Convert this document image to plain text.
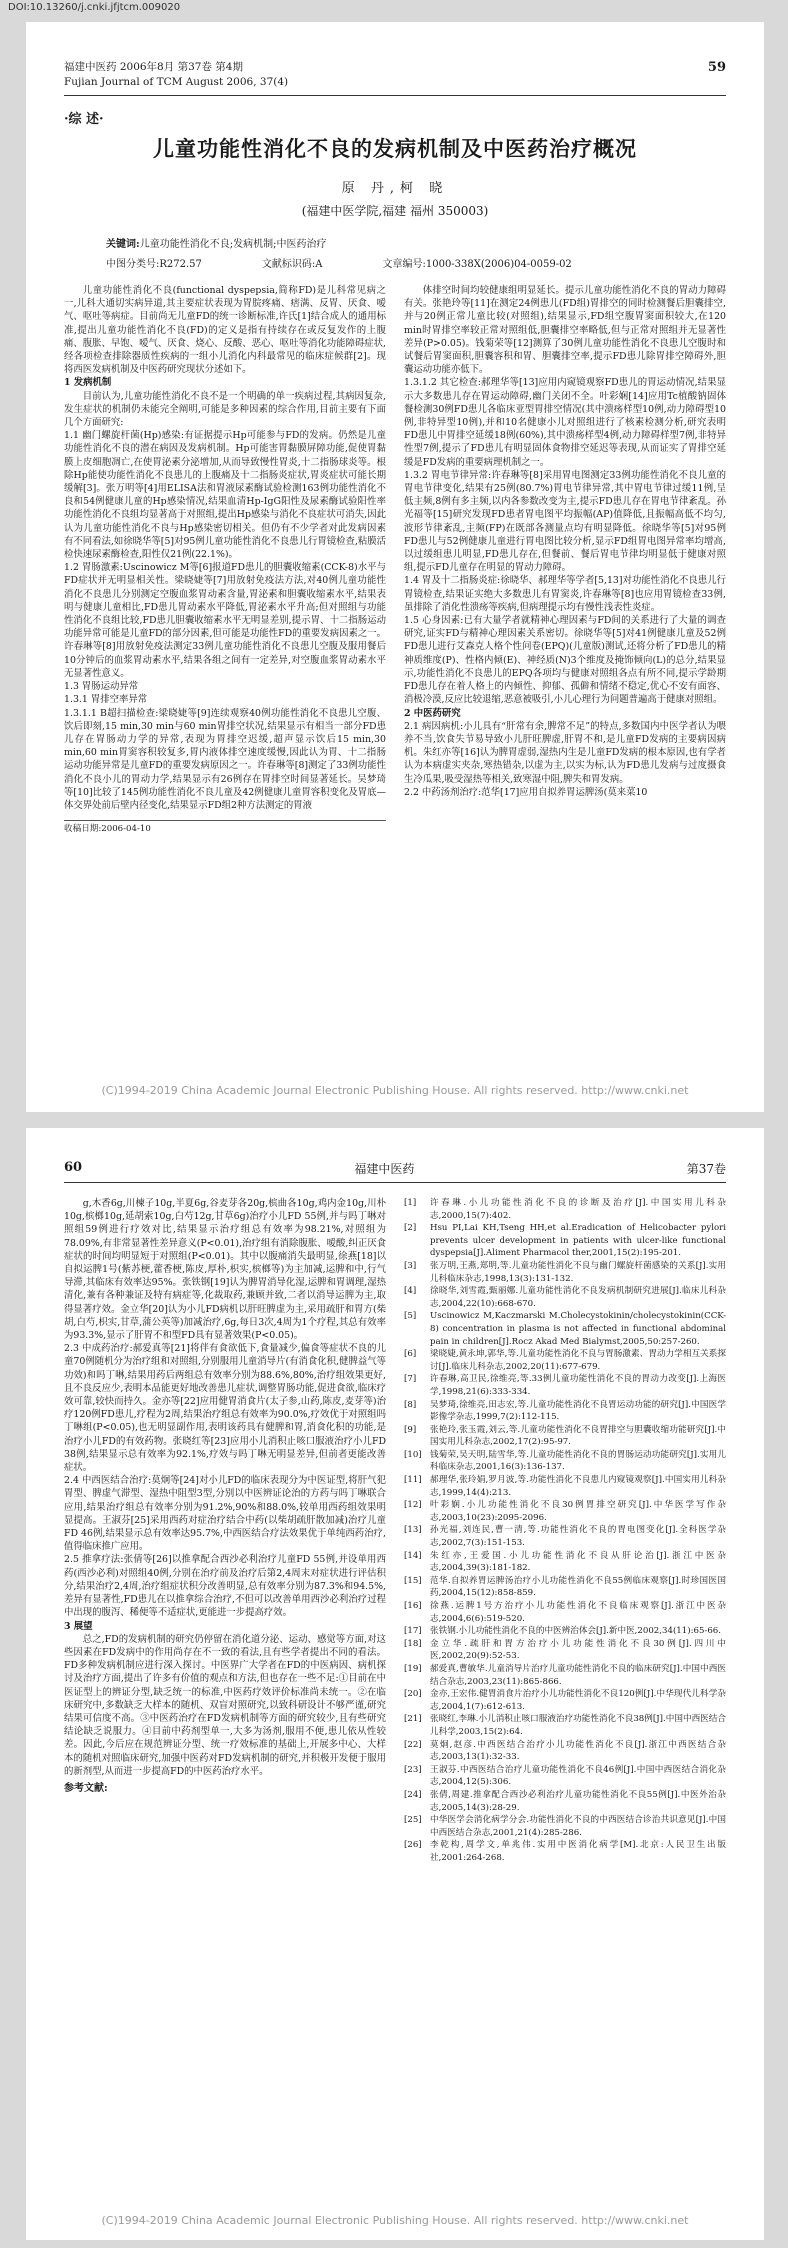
DOI:10.13260/j.cnki.jfjtcm.009020
福建中医药 2006年8月 第37卷 第4期
Fujian Journal of TCM August 2006, 37(4)
59
·综 述·
儿童功能性消化不良的发病机制及中医药治疗概况
原 丹,柯 晓
(福建中医学院,福建 福州 350003)
关键词:儿童功能性消化不良;发病机制;中医药治疗
中图分类号:R272.57	文献标识码:A	文章编号:1000-338X(2006)04-0059-02

儿童功能性消化不良(functional dyspepsia,简称FD)是儿科常见病之一,儿科大通切实病异道,其主要症状表现为胃脘疼痛、痞满、反胃、厌食、嗳气、呕吐等病症。目前尚无儿童FD的统一诊断标准,许氏[1]结合成人的通用标准,提出儿童功能性消化不良(FD)的定义是指有持续存在或反复发作的上腹痛、腹胀、早饱、嗳气、厌食、烧心、反酸、恶心、呕吐等消化功能障碍症状,经各项检查排除器质性疾病的一组小儿消化内科最常见的临床症候群[2]。现将西医发病机制及中医药研究现状分述如下。

1 发病机制

目前认为,儿童功能性消化不良不是一个明确的单一疾病过程,其病因复杂,发生症状的机制仍未能完全阐明,可能是多种因素的综合作用,目前主要有下面几个方面研究:

1.1 幽门螺旋杆菌(Hp)感染:有证据提示Hp可能参与FD的发病。仍然是儿童功能性消化不良的潜在病因及发病机制。Hp可能害胃黏膜屏障功能,促使胃黏膜上皮细胞凋亡,在使胃泌素分泌增加,从而导致慢性胃炎,十二指肠球炎等。根除Hp能使功能性消化不良患儿的上腹痛及十二指肠炎症状,胃炎症状可能长期缓解[3]。张万明等[4]用ELISA法和胃液尿素酶试验检测163例功能性消化不良和54例健康儿童的Hp感染情况,结果血清Hp-IgG阳性及尿素酶试验阳性率功能性消化不良组均显著高于对照组,提出Hp感染与消化不良症状可消失,因此认为儿童功能性消化不良与Hp感染密切相关。但仍有不少学者对此发病因素有不同看法,如徐晓华等[5]对95例儿童功能性消化不良患儿行胃镜检查,粘膜活检快速尿素酶检查,阳性仅21例(22.1%)。

1.2 胃肠激素:Uscinowicz M等[6]报道FD患儿的胆囊收缩素(CCK-8)水平与FD症状并无明显相关性。梁晓婕等[7]用放射免疫法方法,对40例儿童功能性消化不良患儿分别测定空腹血浆胃动素含量,胃泌素和胆囊收缩素水平,结果表明与健康儿童相比,FD患儿胃动素水平降低,胃泌素水平升高;但对照组与功能性消化不良组比较,FD患儿胆囊收缩素水平无明显差别,提示胃、十二指肠运动功能异常可能是儿童FD的部分因素,但可能是功能性FD的重要发病因素之一。许春琳等[8]用放射免疫法测定33例儿童功能性消化不良患儿空腹及服用餐后10分钟后的血浆胃动素水平,结果各组之间有一定差异,对空腹血浆胃动素水平无显著性意义。

1.3 胃肠运动异常

1.3.1 胃排空率异常

1.3.1.1 B超扫描检查:梁晓婕等[9]连续观察40例功能性消化不良患儿空腹、饮后即刻,15 min,30 min与60 min胃排空状况,结果显示有相当一部分FD患儿存在胃肠动力学的异常,表现为胃排空迟缓,超声显示饮后15 min,30 min,60 min胃窦容积较复多,胃内液体排空速度缓慢,因此认为胃、十二指肠运动功能异常是儿童FD的重要发病原因之一。许春琳等[8]测定了33例功能性消化不良小儿的胃动力学,结果显示有26例存在胃排空时间显著延长。吴梦琦等[10]比较了145例功能性消化不良儿童及42例健康儿童胃容积变化及胃底—体交界处前后壁内径变化,结果显示FD组2种方法测定的胃液

收稿日期:2006-04-10

体排空时间均较健康组明显延长。提示儿童功能性消化不良的胃动力障碍有关。张艳玲等[11]在测定24例患儿(FD组)胃排空的同时检测餐后胆囊排空,并与20例正常儿童比较(对照组),结果显示,FD组空腹胃窦面积较大,在120 min时胃排空率较正常对照组低,胆囊排空率略低,但与正常对照组并无显著性差异(P>0.05)。钱菊荣等[12]测算了30例儿童功能性消化不良患儿空腹时和试餐后胃窦面积,胆囊容积和胃、胆囊排空率,提示FD患儿除胃排空障碍外,胆囊运动功能亦低下。

1.3.1.2 其它检查:郝理华等[13]应用内窥镜观察FD患儿的胃运动情况,结果显示大多数患儿存在胃运动障碍,幽门关闭不全。叶彩娴[14]应用Tc植酸钠固体餐检测30例FD患儿各临床亚型胃排空情况(其中溃疡样型10例,动力障碍型10例,非特异型10例),并和10名健康小儿对照组进行了核素检测分析,研究表明FD患儿中胃排空延缓18例(60%),其中溃疡样型4例,动力障碍样型7例,非特异性型7例,提示了FD患儿有明显固体食物排空延迟等表现,从而证实了胃排空延缓是FD发病的重要病理机制之一。

1.3.2 胃电节律异常:许春琳等[8]采用胃电图测定33例功能性消化不良儿童的胃电节律变化,结果有25例(80.7%)胃电节律异常,其中胃电节律过缓11例,呈低主频,8例有多主频,以内各参数改变为主,提示FD患儿存在胃电节律紊乱。孙光福等[15]研究发现FD患者胃电图平均振幅(AP)值降低,且振幅高低不均匀,波形节律紊乱,主频(FP)在既部各测量点均有明显降低。徐晓华等[5]对95例FD患儿与52例健康儿童进行胃电图比较分析,显示FD组胃电图异常率均增高,以过缓组患儿明显,FD患儿存在,但餐前、餐后胃电节律均明显低于健康对照组,提示FD儿童存在明显的胃动力障碍。

1.4 胃及十二指肠炎症:徐晓华、郝理华等学者[5,13]对功能性消化不良患儿行胃镜检查,结果证实绝大多数患儿有胃窦炎,许春琳等[8]也应用胃镜检查33例,虽排除了消化性溃疡等疾病,但病理提示均有慢性浅表性炎症。

1.5 心身因素:已有大量学者就精神心理因素与FD间的关系进行了大量的调查研究,证实FD与精神心理因素关系密切。徐晓华等[5]对41例健康儿童及52例FD患儿进行艾森克人格个性问卷(EPQ)(儿童版)测试,还将分析了FD患儿的精神质维度(P)、性格内倾(E)、神经质(N)3个维度及掩饰倾向(L)的总分,结果显示,功能性消化不良患儿的EPQ各项均与健康对照组各点有所不同,提示学龄期FD患儿存在着人格上的内倾性、抑郁、孤僻和情绪不稳定,优心不安有面容、消极冷漠,反应比较退缩,恶意被吸引,小儿心理行为问题普遍高于健康对照组。

2 中医药研究

2.1 病因病机:小儿具有“肝常有余,脾常不足”的特点,多数国内中医学者认为喂养不当,饮食失节易导致小儿肝旺脾虚,肝胃不和,是儿童FD发病的主要病因病机。朱红亦等[16]认为脾胃虚弱,湿热内生是儿童FD发病的根本原因,也有学者认为本病虚实夹杂,寒热错杂,以虚为主,以实为标,认为FD患儿发病与过度摄食生冷瓜果,吸受湿热等相关,致寒湿中阻,脾失和胃发病。

2.2 中药汤剂治疗:范华[17]应用自拟养胃运脾汤(莫来菜10

(C)1994-2019 China Academic Journal Electronic Publishing House. All rights reserved. http://www.cnki.net
60	福建中医药	第37卷

g,木香6g,川楝子10g,半夏6g,谷麦芽各20g,槟曲各10g,鸡内金10g,川朴10g,槟榔10g,延胡索10g,白芍12g,甘草6g)治疗小儿FD 55例,并与吗丁啉对照组59例进行疗效对比,结果显示治疗组总有效率为98.21%,对照组为78.09%,有非常显著性差异意义(P<0.01),治疗组有消除腹胀、嗳酸,纠正厌食症状的时间均明显短于对照组(P<0.01)。其中以腹痛消失最明显,徐燕[18]以自拟运脾1号(紫苏梗,藿香梗,陈皮,厚朴,枳实,槟榔等)为主加减,运脾和中,行气导滞,其临床有效率达95%。张铁钢[19]认为脾胃消导化湿,运脾和胃调理,湿热清化,兼有各种兼证及特有病症等,化裁取药,兼顾并致,二者以消导运脾为主,取得显著疗效。金立华[20]认为小儿FD病机以肝旺脾虚为主,采用疏肝和胃方(柴胡,白芍,枳实,甘草,蒲公英等)加减治疗,6g,每日3次,4周为1个疗程,其总有效率为93.3%,显示了肝胃不和型FD具有显著效果(P<0.05)。

2.3 中成药治疗:郝爱真等[21]将伴有食欲低下,食量减少,偏食等症状不良的儿童70例随机分为治疗组和对照组,分别服用儿童消导片(有消食化积,健脾益气等功效)和吗丁啉,结果用药后两组总有效率分别为88.6%,80%,治疗组效果更好,且不良反应少,表明本品能更好地改善患儿症状,调整胃肠功能,促进食欲,临床疗效可靠,较快而持久。金亦等[22]应用健胃消食片(太子参,山药,陈皮,麦芽等)治疗120例FD患儿,疗程为2周,结果治疗组总有效率为90.0%,疗效优于对照组吗丁啉组(P<0.05),也无明显副作用,表明该药具有健脾和胃,消食化积的功能,是治疗小儿FD的有效药物。张晓红等[23]应用小儿消积止咳口服液治疗小儿FD 38例,结果显示总有效率为92.1%,疗效与吗丁啉无明显差异,但前者更能改善症状。

2.4 中西医结合治疗:莫炯等[24]对小儿FD的临床表现分为中医证型,将肝气犯胃型、脾虚气滞型、湿热中阻型3型,分别以中医辨证论治的方药与吗丁啉联合应用,结果治疗组总有效率分别为91.2%,90%和88.0%,较单用西药组效果明显提高。王淑芬[25]采用西药对症治疗结合中药(以柴胡疏肝散加减)治疗儿童FD 46例,结果显示总有效率达95.7%,中西医结合疗法效果优于单纯西药治疗,值得临床推广应用。

2.5 推拿疗法:张倩等[26]以推拿配合西沙必利治疗儿童FD 55例,并设单用西药(西沙必利)对照组40例,分别在治疗前及治疗后第2,4周末对症状进行评估积分,结果治疗2,4周,治疗组症状积分改善明显,总有效率分别为87.3%和94.5%,差异有显著性,FD患儿在以推拿综合治疗,不但可以改善单用西沙必利治疗过程中出现的腹泻、稀便等不适症状,更能进一步提高疗效。

3 展望

总之,FD的发病机制的研究仍停留在消化道分泌、运动、感觉等方面,对这些因素在FD发病中的作用尚存在不一致的看法,且有些学者提出不同的看法。FD多种发病机制应进行深入探讨。中医界广大学者在FD的中医病因、病机探讨及治疗方面,提出了许多有价值的观点和方法,但也存在一些不足:①目前在中医证型上的辨证分型,缺乏统一的标准,中医药疗效评价标准尚未统一。②在临床研究中,多数缺乏大样本的随机、双盲对照研究,以致科研设计不够严谨,研究结果可信度不高。③中医药治疗在FD发病机制等方面的研究较少,且有些研究结论缺乏说服力。④目前中药剂型单一,大多为汤剂,服用不便,患儿依从性较差。因此,今后应在规范辨证分型、统一疗效标准的基础上,开展多中心、大样本的随机对照临床研究,加强中医药对FD发病机制的研究,并积极开发便于服用的新剂型,从而进一步提高FD的中医药治疗水平。

参考文献:
[1]	许春琳.小儿功能性消化不良的诊断及治疗[J].中国实用儿科杂志,2000,15(7):402.
[2]	Hsu PI,Lai KH,Tseng HH,et al.Eradication of Helicobacter pylori prevents ulcer development in patients with ulcer-like functional dyspepsia[J].Aliment Pharmacol ther,2001,15(2):195-201.
[3]	张万明,王燕,郑明,等.儿童功能性消化不良与幽门螺旋杆菌感染的关系[J].实用儿科临床杂志,1998,13(3):131-132.
[4]	徐晓华,刘雪霞,甄丽娜.儿童功能性消化不良发病机制研究进展[J].临床儿科杂志,2004,22(10):668-670.
[5]	Uscinowicz M,Kaczmarski M.Cholecystokinin/cholecystokinin(CCK-8) concentration in plasma is not affected in functional abdominal pain in children[J].Rocz Akad Med Bialymst,2005,50:257-260.
[6]	梁晓婕,黄永坤,郭华,等.儿童功能性消化不良与胃肠激素、胃动力学相互关系探讨[J].临床儿科杂志,2002,20(11):677-679.
[7]	许春琳,高卫民,徐维亮,等.33例儿童功能性消化不良的胃动力改变[J].上海医学,1998,21(6):333-334.
[8]	吴梦琦,徐维亮,田志宏,等.儿童功能性消化不良胃运动功能的研究[J].中国医学影像学杂志,1999,7(2):112-115.
[9]	张艳玲,张玉霞,刘云,等.儿童功能性消化不良胃排空与胆囊收缩功能研究[J].中国实用儿科杂志,2002,17(2):95-97.
[10] 钱菊荣,吴天明,陆雪华,等.儿童功能性消化不良的胃肠运动功能研究[J].实用儿科临床杂志,2001,16(3):136-137.
[11] 郝理华,张玲娟,罗月波,等.功能性消化不良患儿内窥镜观察[J].中国实用儿科杂志,1999,14(4):213.
[12] 叶彩娴.小儿功能性消化不良30例胃排空研究[J].中华医学写作杂志,2003,10(23):2095-2096.
[13] 孙光福,刘连民,曹一清,等.功能性消化不良的胃电图变化[J].全科医学杂志,2002,7(3):151-153.
[14] 朱红亦,王爱国.小儿功能性消化不良从肝论治[J].浙江中医杂志,2004,39(3):181-182.
[15] 范华.自拟养胃运脾汤治疗小儿功能性消化不良55例临床观察[J].时珍国医国药,2004,15(12):858-859.
[16] 徐燕.运脾1号方治疗小儿功能性消化不良临床观察[J].浙江中医杂志,2004,6(6):519-520.
[17] 张铁钢.小儿功能性消化不良的中医辨治体会[J].新中医,2002,34(11):65-66.
[18] 金立华.疏肝和胃方治疗小儿功能性消化不良30例[J].四川中医,2002,20(9):52-53.
[19] 郝爱真,曹敏华.儿童消导片治疗儿童功能性消化不良的临床研究[J].中国中西医结合杂志,2003,23(11):865-866.
[20] 金亦,王宏伟.健胃消食片治疗小儿功能性消化不良120例[J].中华现代儿科学杂志,2004,1(7):612-613.
[21] 张晓红,李琳.小儿消积止咳口服液治疗功能性消化不良38例[J].中国中西医结合儿科学,2003,15(2):64.
[22] 莫炯,赵彦.中西医结合治疗小儿功能性消化不良[J].浙江中西医结合杂志,2003,13(1):32-33.
[23] 王淑芬.中西医结合治疗儿童功能性消化不良46例[J].中国中西医结合消化杂志,2004,12(5):306.
[24] 张倩,周建.推拿配合西沙必利治疗儿童功能性消化不良55例[J].中医外治杂志,2005,14(3):28-29.
[25] 中华医学会消化病学分会.功能性消化不良的中西医结合诊治共识意见[J].中国中西医结合杂志,2001,21(4):285-286.
[26] 李乾构,周学文,单兆伟.实用中医消化病学[M].北京:人民卫生出版社,2001:264-268.
(C)1994-2019 China Academic Journal Electronic Publishing House. All rights reserved. http://www.cnki.net
